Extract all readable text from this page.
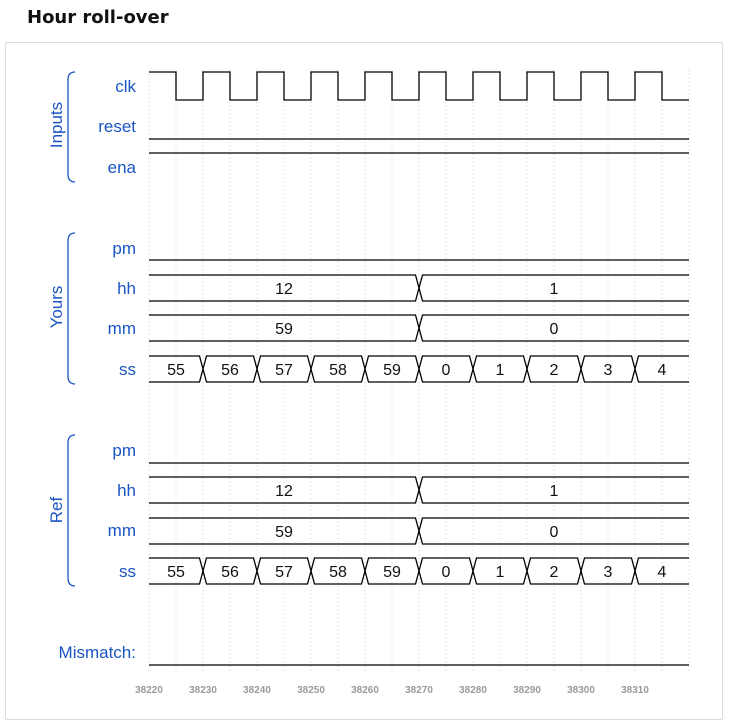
Hour roll-over
Inputs
Yours
Ref
clk
reset
ena
pm
hh
mm
ss
pm
hh
mm
ss
Mismatch:
12	1
59	0
55 56 57 58 59	0	1	2	3	4
12	1
59	0
55 56 57 58 59	0	1	2	3	4
38220	38230	38240	38250	38260	38270	38280	38290	38300	38310
